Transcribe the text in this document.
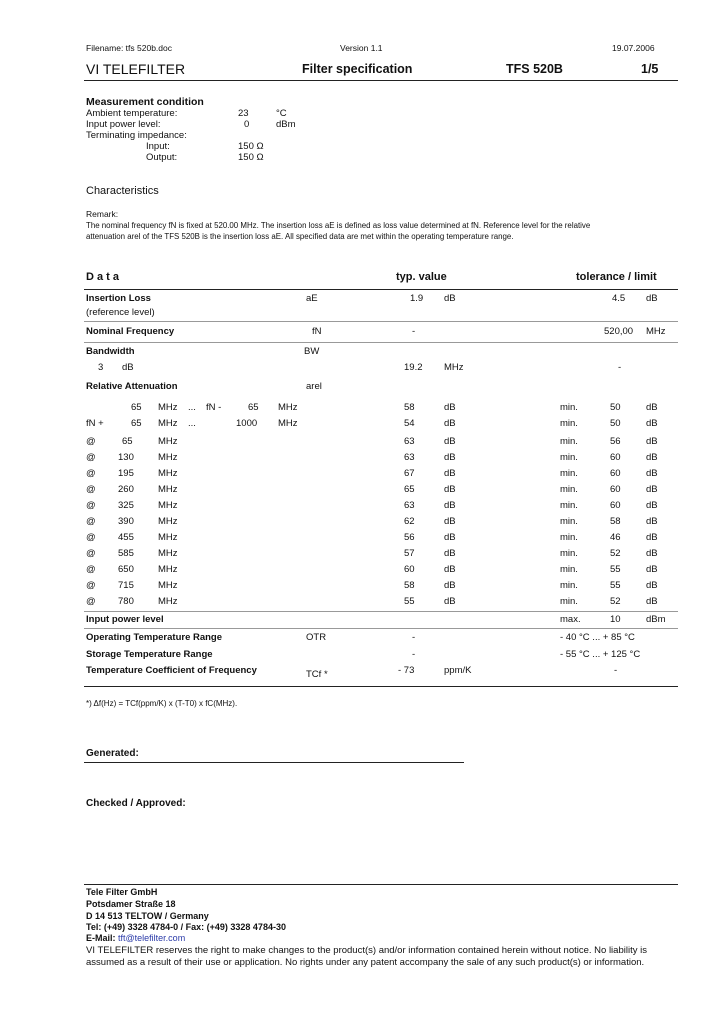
Filename: tfs 520b.doc	Version 1.1	19.07.2006
VI TELEFILTER	Filter specification	TFS 520B	1/5
Measurement condition
Ambient temperature:	23	°C
Input power level:	0	dBm
Terminating impedance:
Input:	150 Ω
Output:	150 Ω
Characteristics
Remark:
The nominal frequency fN is fixed at 520.00 MHz. The insertion loss aE is defined as loss value determined at fN. Reference level for the relative
attenuation arel of the TFS 520B is the insertion loss aE. All specified data are met within the operating temperature range.
D a t a	typ. value	tolerance / limit
Insertion Loss	aE	1.9 dB	4.5 dB
(reference level)
Nominal Frequency	fN	-	520,00 MHz
Bandwidth	BW
3 dB	19.2 MHz	-
Relative Attenuation	arel
65 MHz ... fN -	65 MHz	58	dB	min.	50	dB
fN +	65 MHz ...	1000 MHz	54	dB	min.	50	dB
@	65	MHz	63	dB	min.	56	dB
@ 130	MHz	63	dB	min.	60	dB
@ 195	MHz	67	dB	min.	60	dB
@ 260	MHz	65	dB	min.	60	dB
@ 325	MHz	63	dB	min.	60	dB
@ 390	MHz	62	dB	min.	58	dB
@ 455	MHz	56	dB	min.	46	dB
@ 585	MHz	57	dB	min.	52	dB
@ 650	MHz	60	dB	min.	55	dB
@ 715	MHz	58	dB	min.	55	dB
@ 780	MHz	55	dB	min.	52	dB
Input power level	max.	10	dBm
Operating Temperature Range	OTR	-	- 40 °C ... + 85 °C
Storage Temperature Range	-	- 55 °C ... + 125 °C
Temperature Coefficient of Frequency	TCf *	- 73	ppm/K	-
*) Δf(Hz) = TCf(ppm/K) x (T-T0) x fC(MHz).
Generated:
Checked / Approved:
Tele Filter GmbH
Potsdamer Straße 18
D 14 513 TELTOW / Germany
Tel: (+49) 3328 4784-0 / Fax: (+49) 3328 4784-30
E-Mail: tft@telefilter.com
VI TELEFILTER reserves the right to make changes to the product(s) and/or information contained herein without notice. No liability is
assumed as a result of their use or application. No rights under any patent accompany the sale of any such product(s) or information.
